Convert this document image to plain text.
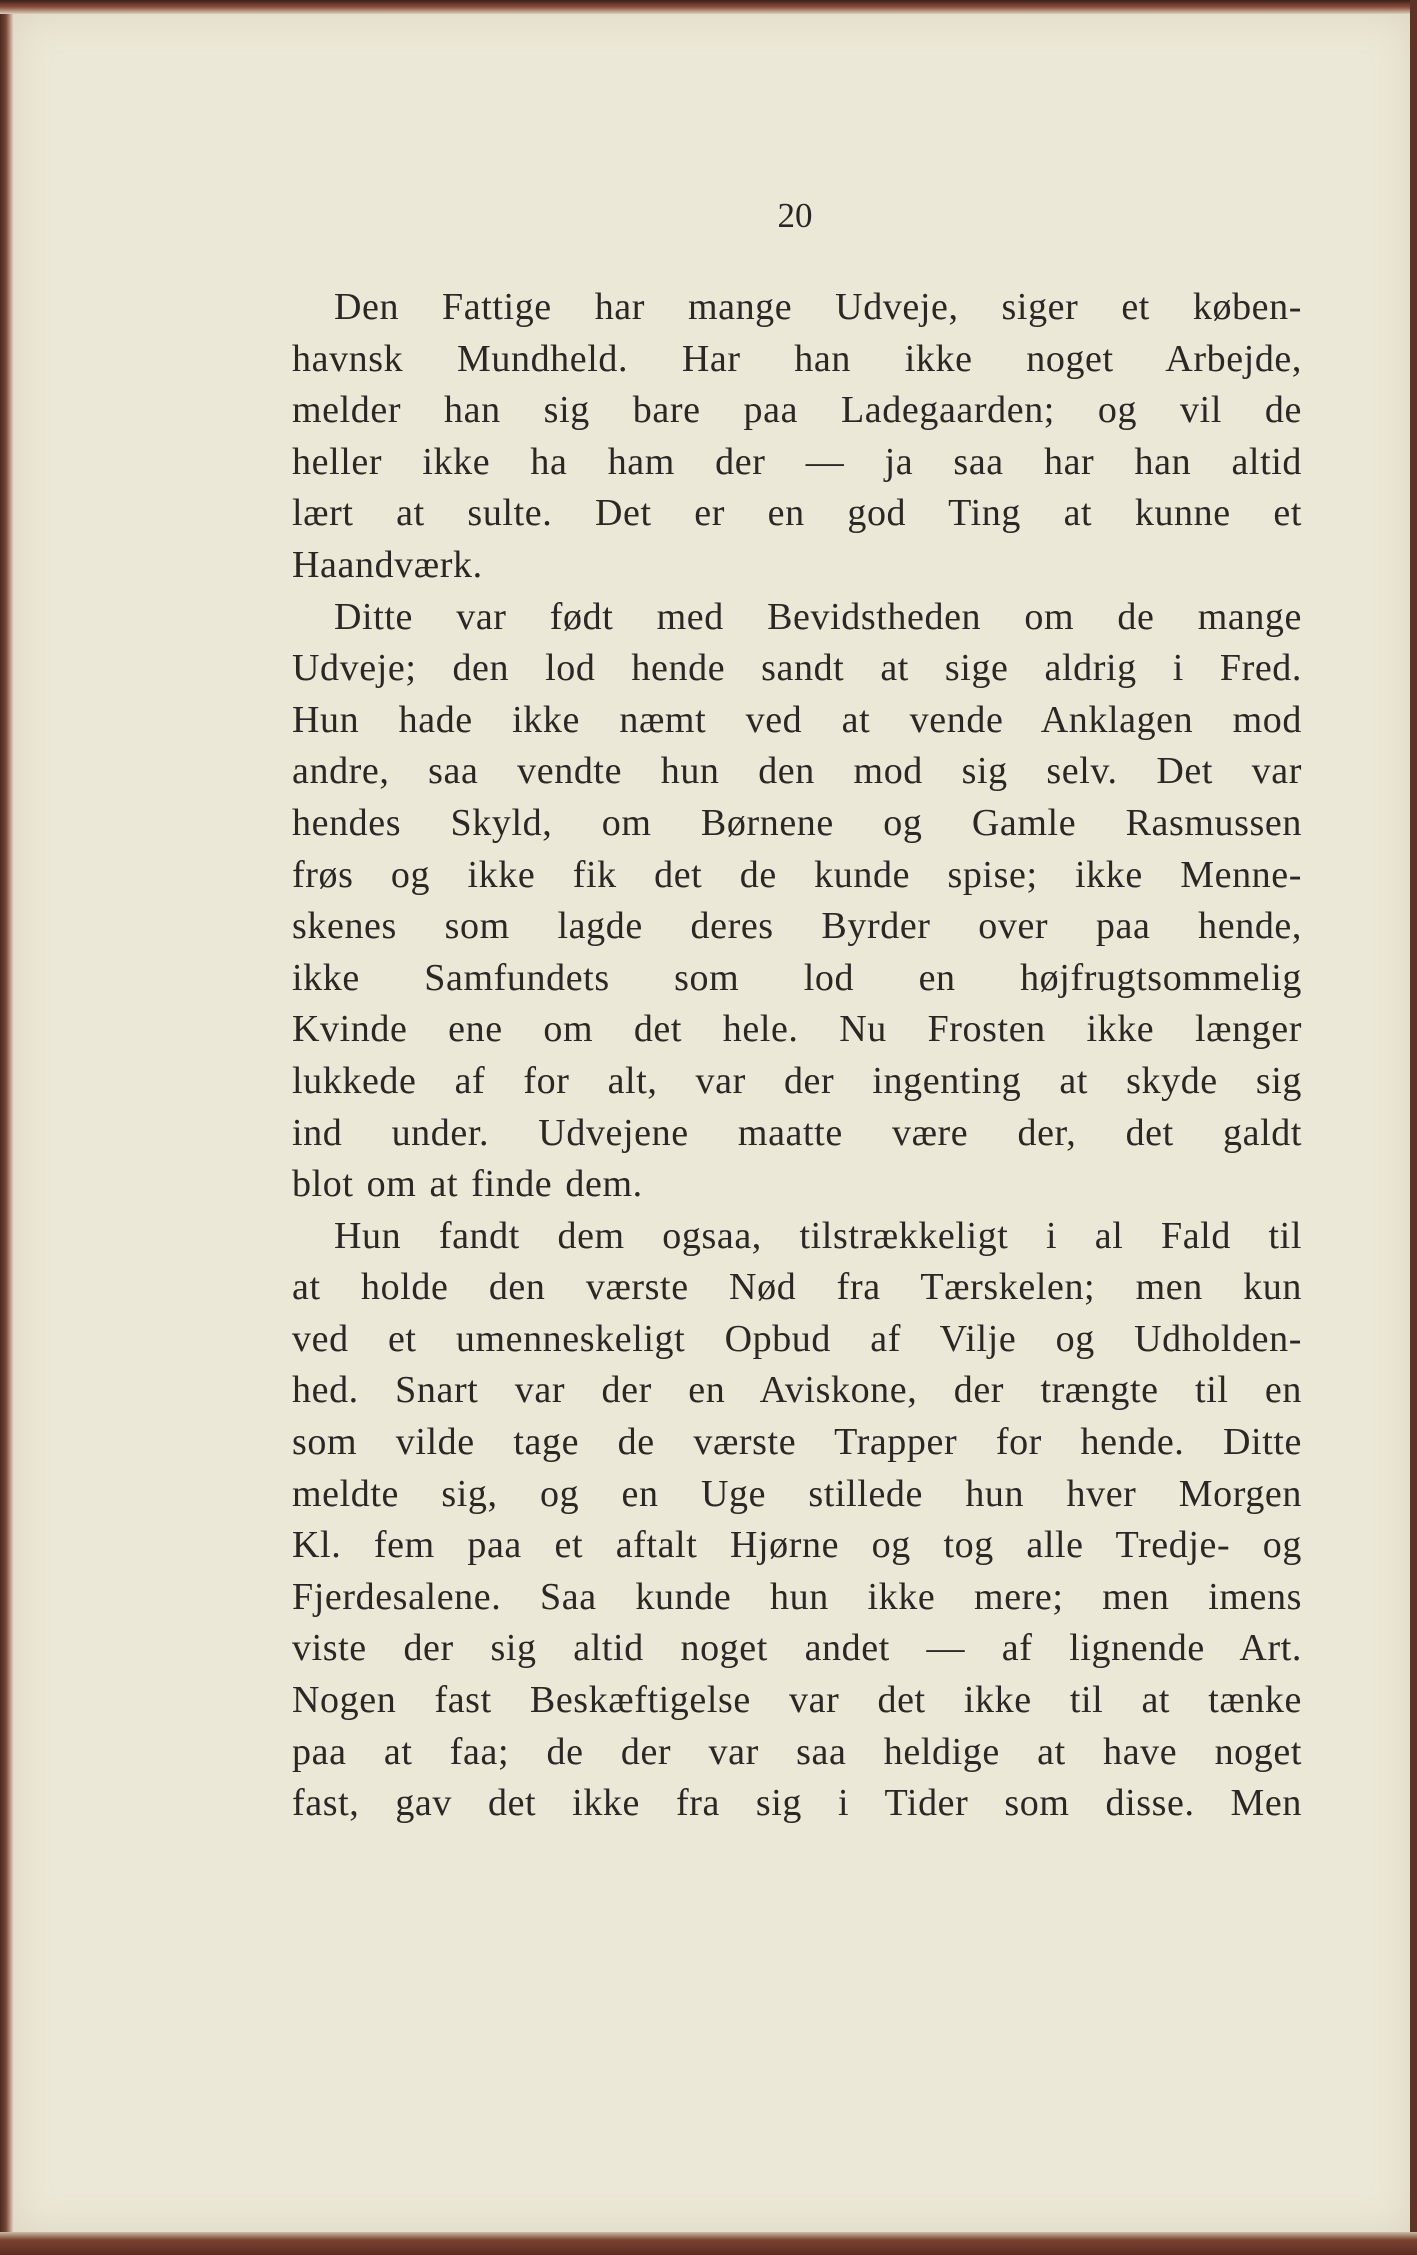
20
Den Fattige har mange Udveje, siger et køben-
havnsk Mundheld. Har han ikke noget Arbejde,
melder han sig bare paa Ladegaarden; og vil de
heller ikke ha ham der — ja saa har han altid
lært at sulte. Det er en god Ting at kunne et
Haandværk.
Ditte var født med Bevidstheden om de mange
Udveje; den lod hende sandt at sige aldrig i Fred.
Hun hade ikke næmt ved at vende Anklagen mod
andre, saa vendte hun den mod sig selv. Det var
hendes Skyld, om Børnene og Gamle Rasmussen
frøs og ikke fik det de kunde spise; ikke Menne-
skenes som lagde deres Byrder over paa hende,
ikke Samfundets som lod en højfrugtsommelig
Kvinde ene om det hele. Nu Frosten ikke længer
lukkede af for alt, var der ingenting at skyde sig
ind under. Udvejene maatte være der, det galdt
blot om at finde dem.
Hun fandt dem ogsaa, tilstrækkeligt i al Fald til
at holde den værste Nød fra Tærskelen; men kun
ved et umenneskeligt Opbud af Vilje og Udholden-
hed. Snart var der en Aviskone, der trængte til en
som vilde tage de værste Trapper for hende. Ditte
meldte sig, og en Uge stillede hun hver Morgen
Kl. fem paa et aftalt Hjørne og tog alle Tredje- og
Fjerdesalene. Saa kunde hun ikke mere; men imens
viste der sig altid noget andet — af lignende Art.
Nogen fast Beskæftigelse var det ikke til at tænke
paa at faa; de der var saa heldige at have noget
fast, gav det ikke fra sig i Tider som disse. Men
